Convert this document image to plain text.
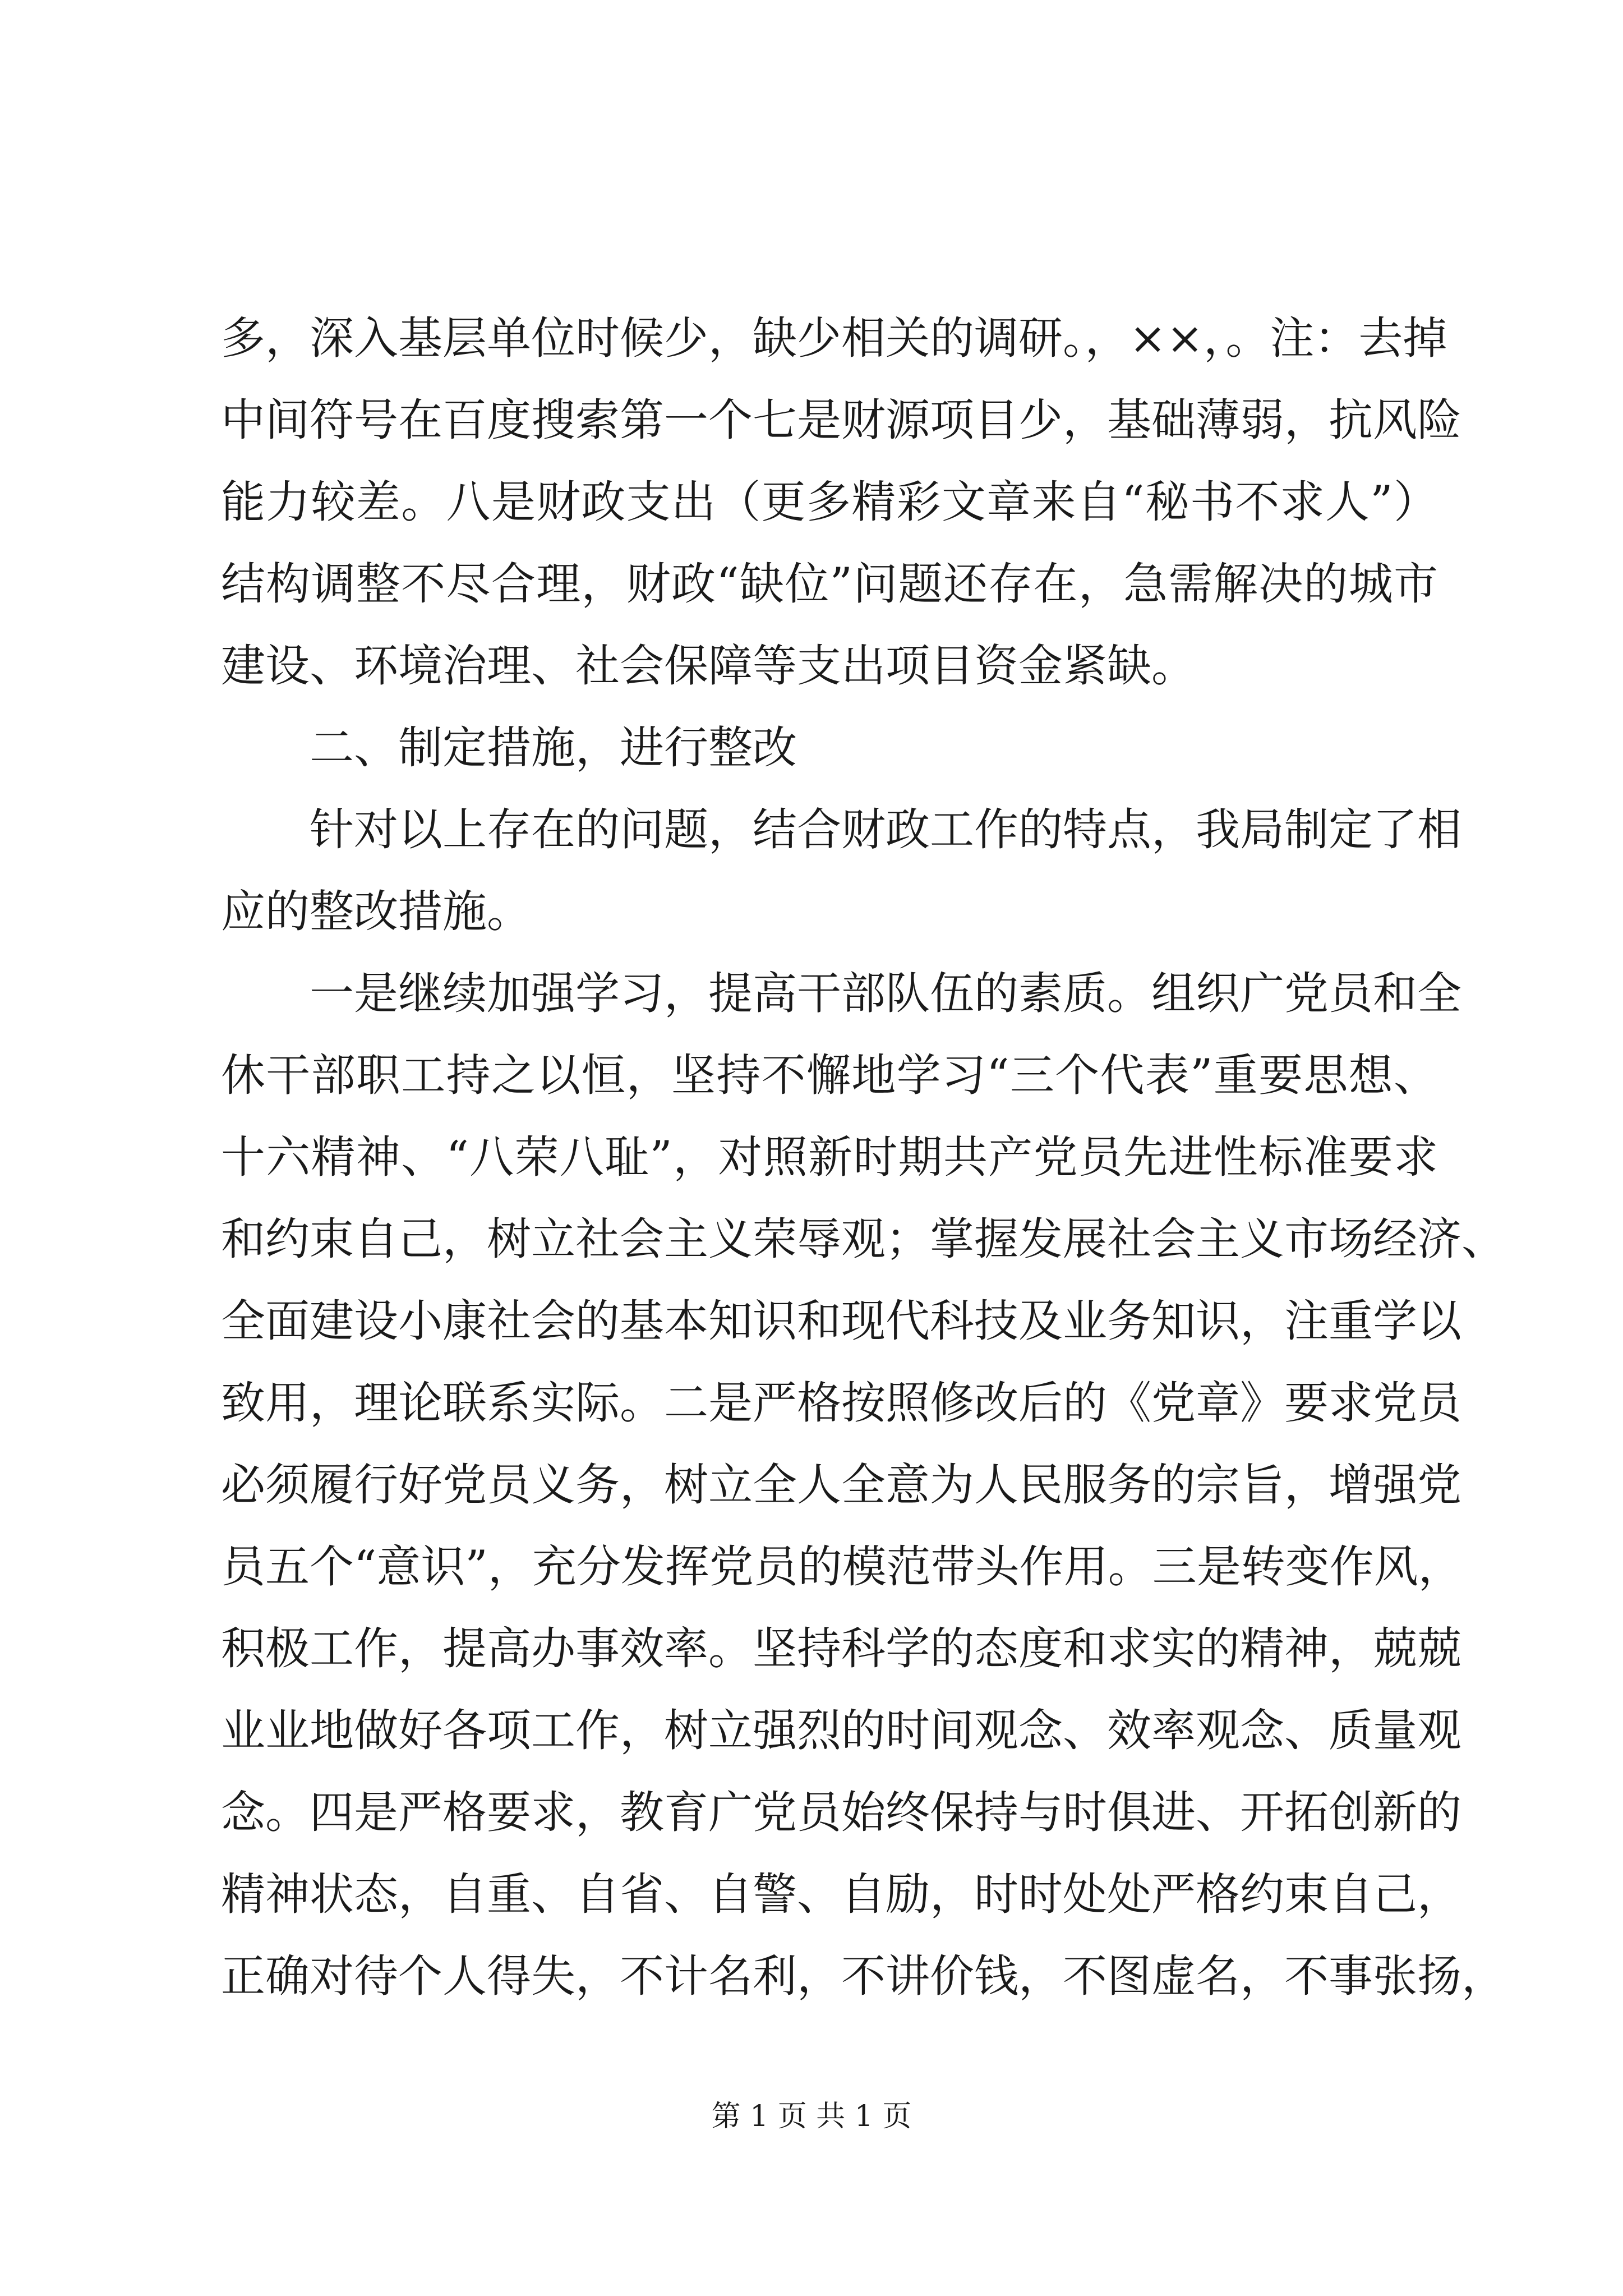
多，深入基层单位时候少，缺少相关的调研。，××，。注：去掉
中间符号在百度搜索第一个七是财源项目少，基础薄弱，抗风险
能力较差。八是财政支出（更多精彩文章来自“秘书不求人”）
结构调整不尽合理，财政“缺位”问题还存在，急需解决的城市
建设、环境治理、社会保障等支出项目资金紧缺。
二、制定措施，进行整改
针对以上存在的问题，结合财政工作的特点，我局制定了相
应的整改措施。
一是继续加强学习，提高干部队伍的素质。组织广党员和全
休干部职工持之以恒，坚持不懈地学习“三个代表”重要思想、
十六精神、“八荣八耻”，对照新时期共产党员先进性标准要求
和约束自己，树立社会主义荣辱观；掌握发展社会主义市场经济、
全面建设小康社会的基本知识和现代科技及业务知识，注重学以
致用，理论联系实际。二是严格按照修改后的《党章》要求党员
必须履行好党员义务，树立全人全意为人民服务的宗旨，增强党
员五个“意识”，充分发挥党员的模范带头作用。三是转变作风，
积极工作，提高办事效率。坚持科学的态度和求实的精神，兢兢
业业地做好各项工作，树立强烈的时间观念、效率观念、质量观
念。四是严格要求，教育广党员始终保持与时俱进、开拓创新的
精神状态，自重、自省、自警、自励，时时处处严格约束自己，
正确对待个人得失，不计名利，不讲价钱，不图虚名，不事张扬，
第 1 页 共 1 页
